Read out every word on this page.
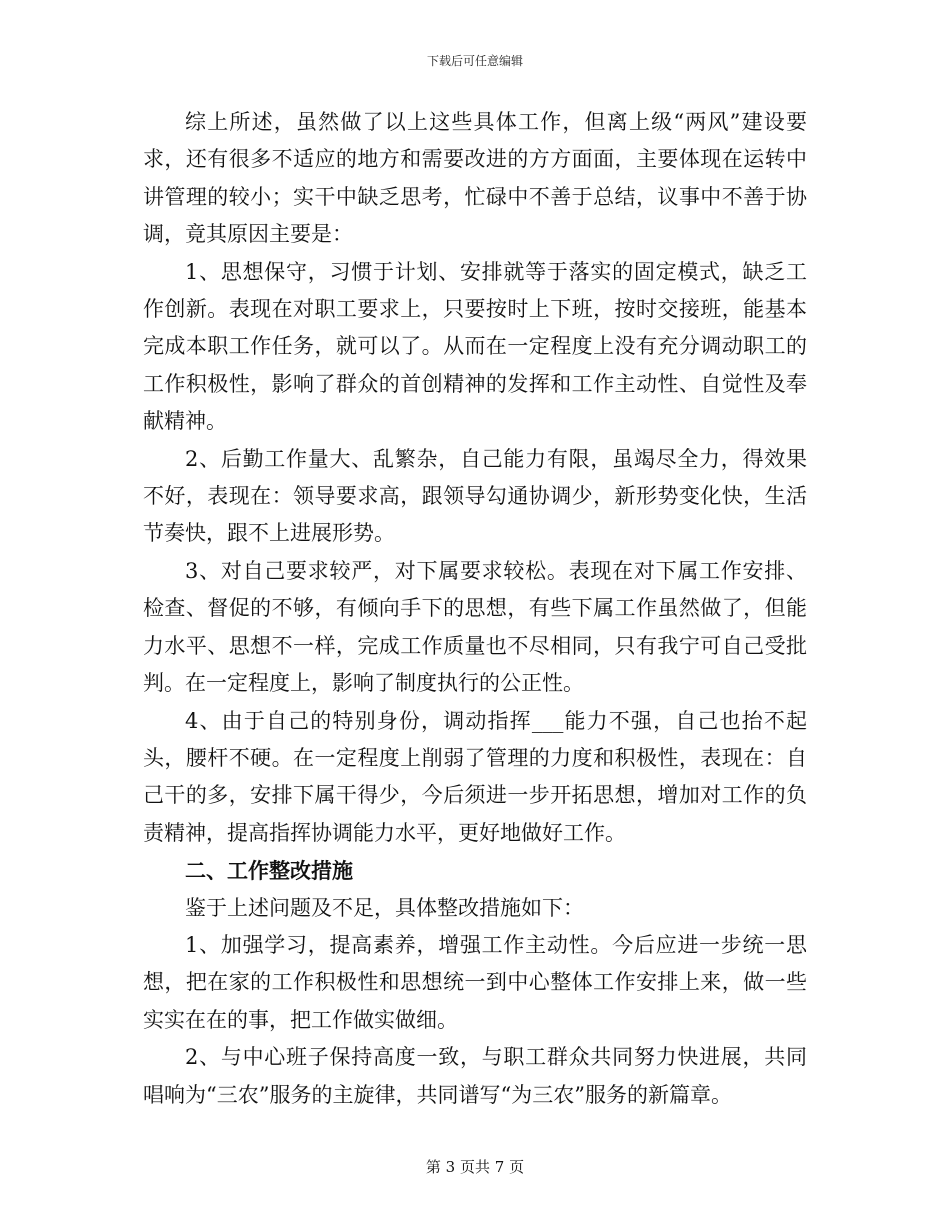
下载后可任意编辑

综上所述，虽然做了以上这些具体工作，但离上级“两风”建设要求，还有很多不适应的地方和需要改进的方方面面，主要体现在运转中讲管理的较小；实干中缺乏思考，忙碌中不善于总结，议事中不善于协调，竟其原因主要是：

1、思想保守，习惯于计划、安排就等于落实的固定模式，缺乏工作创新。表现在对职工要求上，只要按时上下班，按时交接班，能基本完成本职工作任务，就可以了。从而在一定程度上没有充分调动职工的工作积极性，影响了群众的首创精神的发挥和工作主动性、自觉性及奉献精神。

2、后勤工作量大、乱繁杂，自己能力有限，虽竭尽全力，得效果不好，表现在：领导要求高，跟领导勾通协调少，新形势变化快，生活节奏快，跟不上进展形势。

3、对自己要求较严，对下属要求较松。表现在对下属工作安排、检查、督促的不够，有倾向手下的思想，有些下属工作虽然做了，但能力水平、思想不一样，完成工作质量也不尽相同，只有我宁可自己受批判。在一定程度上，影响了制度执行的公正性。

4、由于自己的特别身份，调动指挥___能力不强，自己也抬不起头，腰杆不硬。在一定程度上削弱了管理的力度和积极性，表现在：自己干的多，安排下属干得少，今后须进一步开拓思想，增加对工作的负责精神，提高指挥协调能力水平，更好地做好工作。

二、工作整改措施

鉴于上述问题及不足，具体整改措施如下：

1、加强学习，提高素养，增强工作主动性。今后应进一步统一思想，把在家的工作积极性和思想统一到中心整体工作安排上来，做一些实实在在的事，把工作做实做细。

2、与中心班子保持高度一致，与职工群众共同努力快进展，共同唱响为“三农”服务的主旋律，共同谱写“为三农”服务的新篇章。

第 3 页共 7 页
